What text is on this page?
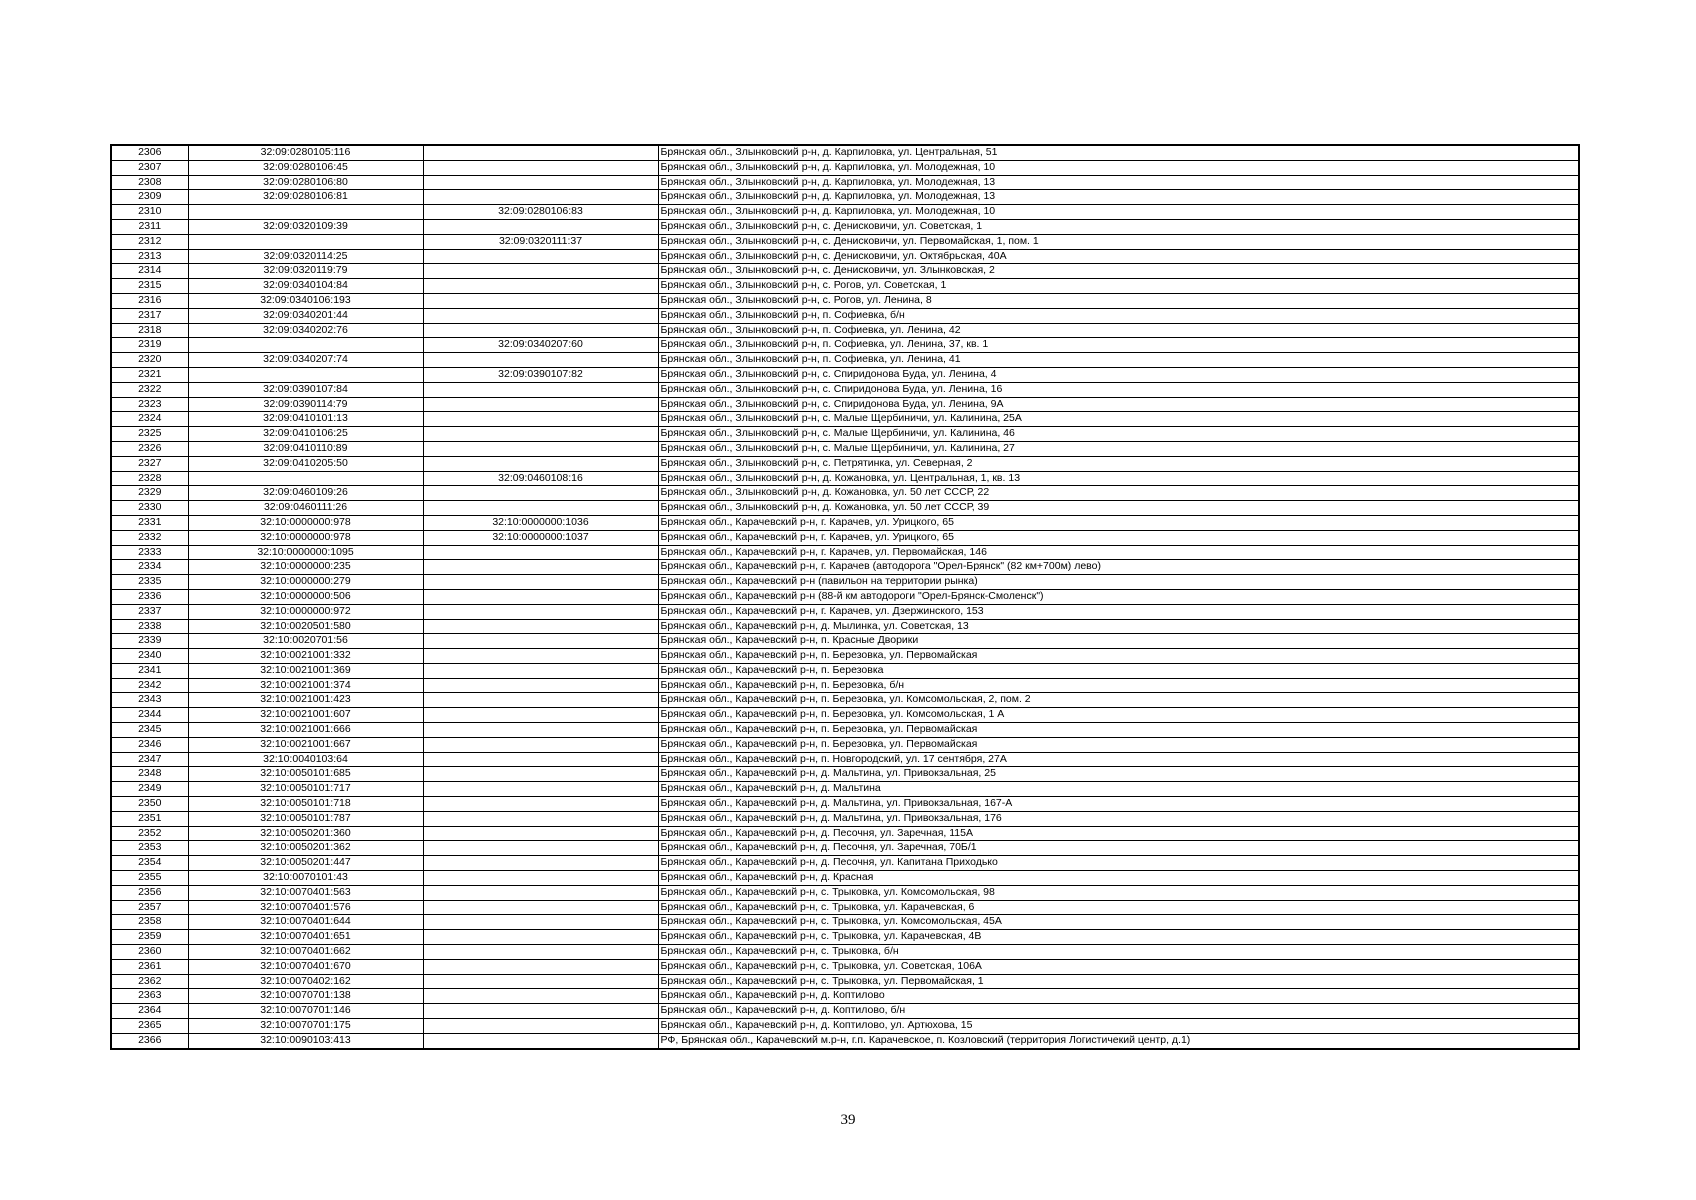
2306	32:09:0280105:116		Брянская обл., Злынковский р-н, д. Карпиловка, ул. Центральная, 51
2307	32:09:0280106:45		Брянская обл., Злынковский р-н, д. Карпиловка, ул. Молодежная, 10
2308	32:09:0280106:80		Брянская обл., Злынковский р-н, д. Карпиловка, ул. Молодежная, 13
2309	32:09:0280106:81		Брянская обл., Злынковский р-н, д. Карпиловка, ул. Молодежная, 13
2310		32:09:0280106:83	Брянская обл., Злынковский р-н, д. Карпиловка, ул. Молодежная, 10
2311	32:09:0320109:39		Брянская обл., Злынковский р-н, с. Денисковичи, ул. Советская, 1
2312		32:09:0320111:37	Брянская обл., Злынковский р-н, с. Денисковичи, ул. Первомайская, 1, пом. 1
2313	32:09:0320114:25		Брянская обл., Злынковский р-н, с. Денисковичи, ул. Октябрьская, 40А
2314	32:09:0320119:79		Брянская обл., Злынковский р-н, с. Денисковичи, ул. Злынковская, 2
2315	32:09:0340104:84		Брянская обл., Злынковский р-н, с. Рогов, ул. Советская, 1
2316	32:09:0340106:193		Брянская обл., Злынковский р-н, с. Рогов, ул. Ленина, 8
2317	32:09:0340201:44		Брянская обл., Злынковский р-н, п. Софиевка, б/н
2318	32:09:0340202:76		Брянская обл., Злынковский р-н, п. Софиевка, ул. Ленина, 42
2319		32:09:0340207:60	Брянская обл., Злынковский р-н, п. Софиевка, ул. Ленина, 37, кв. 1
2320	32:09:0340207:74		Брянская обл., Злынковский р-н, п. Софиевка, ул. Ленина, 41
2321		32:09:0390107:82	Брянская обл., Злынковский р-н, с. Спиридонова Буда, ул. Ленина, 4
2322	32:09:0390107:84		Брянская обл., Злынковский р-н, с. Спиридонова Буда, ул. Ленина, 16
2323	32:09:0390114:79		Брянская обл., Злынковский р-н, с. Спиридонова Буда, ул. Ленина, 9А
2324	32:09:0410101:13		Брянская обл., Злынковский р-н, с. Малые Щербиничи, ул. Калинина, 25А
2325	32:09:0410106:25		Брянская обл., Злынковский р-н, с. Малые Щербиничи, ул. Калинина, 46
2326	32:09:0410110:89		Брянская обл., Злынковский р-н, с. Малые Щербиничи, ул. Калинина, 27
2327	32:09:0410205:50		Брянская обл., Злынковский р-н, с. Петрятинка, ул. Северная, 2
2328		32:09:0460108:16	Брянская обл., Злынковский р-н, д. Кожановка, ул. Центральная, 1, кв. 13
2329	32:09:0460109:26		Брянская обл., Злынковский р-н, д. Кожановка, ул. 50 лет СССР, 22
2330	32:09:0460111:26		Брянская обл., Злынковский р-н, д. Кожановка, ул. 50 лет СССР, 39
2331	32:10:0000000:978	32:10:0000000:1036	Брянская обл., Карачевский р-н, г. Карачев, ул. Урицкого, 65
2332	32:10:0000000:978	32:10:0000000:1037	Брянская обл., Карачевский р-н, г. Карачев, ул. Урицкого, 65
2333	32:10:0000000:1095		Брянская обл., Карачевский р-н, г. Карачев, ул. Первомайская, 146
2334	32:10:0000000:235		Брянская обл., Карачевский р-н, г. Карачев (автодорога "Орел-Брянск" (82 км+700м) лево)
2335	32:10:0000000:279		Брянская обл., Карачевский р-н (павильон на территории рынка)
2336	32:10:0000000:506		Брянская обл., Карачевский р-н (88-й км автодороги "Орел-Брянск-Смоленск")
2337	32:10:0000000:972		Брянская обл., Карачевский р-н, г. Карачев, ул. Дзержинского, 153
2338	32:10:0020501:580		Брянская обл., Карачевский р-н, д. Мылинка, ул. Советская, 13
2339	32:10:0020701:56		Брянская обл., Карачевский р-н, п. Красные Дворики
2340	32:10:0021001:332		Брянская обл., Карачевский р-н, п. Березовка, ул. Первомайская
2341	32:10:0021001:369		Брянская обл., Карачевский р-н, п. Березовка
2342	32:10:0021001:374		Брянская обл., Карачевский р-н, п. Березовка, б/н
2343	32:10:0021001:423		Брянская обл., Карачевский р-н, п. Березовка, ул. Комсомольская, 2, пом. 2
2344	32:10:0021001:607		Брянская обл., Карачевский р-н, п. Березовка, ул. Комсомольская, 1 А
2345	32:10:0021001:666		Брянская обл., Карачевский р-н, п. Березовка, ул. Первомайская
2346	32:10:0021001:667		Брянская обл., Карачевский р-н, п. Березовка, ул. Первомайская
2347	32:10:0040103:64		Брянская обл., Карачевский р-н, п. Новгородский, ул. 17 сентября, 27А
2348	32:10:0050101:685		Брянская обл., Карачевский р-н, д. Мальтина, ул. Привокзальная, 25
2349	32:10:0050101:717		Брянская обл., Карачевский р-н, д. Мальтина
2350	32:10:0050101:718		Брянская обл., Карачевский р-н, д. Мальтина, ул. Привокзальная, 167-А
2351	32:10:0050101:787		Брянская обл., Карачевский р-н, д. Мальтина, ул. Привокзальная, 176
2352	32:10:0050201:360		Брянская обл., Карачевский р-н, д. Песочня, ул. Заречная, 115А
2353	32:10:0050201:362		Брянская обл., Карачевский р-н, д. Песочня, ул. Заречная, 70Б/1
2354	32:10:0050201:447		Брянская обл., Карачевский р-н, д. Песочня, ул. Капитана Приходько
2355	32:10:0070101:43		Брянская обл., Карачевский р-н, д. Красная
2356	32:10:0070401:563		Брянская обл., Карачевский р-н, с. Трыковка, ул. Комсомольская, 98
2357	32:10:0070401:576		Брянская обл., Карачевский р-н, с. Трыковка, ул. Карачевская, 6
2358	32:10:0070401:644		Брянская обл., Карачевский р-н, с. Трыковка, ул. Комсомольская, 45А
2359	32:10:0070401:651		Брянская обл., Карачевский р-н, с. Трыковка, ул. Карачевская, 4В
2360	32:10:0070401:662		Брянская обл., Карачевский р-н, с. Трыковка, б/н
2361	32:10:0070401:670		Брянская обл., Карачевский р-н, с. Трыковка, ул. Советская, 106А
2362	32:10:0070402:162		Брянская обл., Карачевский р-н, с. Трыковка, ул. Первомайская, 1
2363	32:10:0070701:138		Брянская обл., Карачевский р-н, д. Коптилово
2364	32:10:0070701:146		Брянская обл., Карачевский р-н, д. Коптилово, б/н
2365	32:10:0070701:175		Брянская обл., Карачевский р-н, д. Коптилово, ул. Артюхова, 15
2366	32:10:0090103:413		РФ, Брянская обл., Карачевский м.р-н, г.п. Карачевское, п. Козловский (территория Логистичекий центр, д.1)
39
